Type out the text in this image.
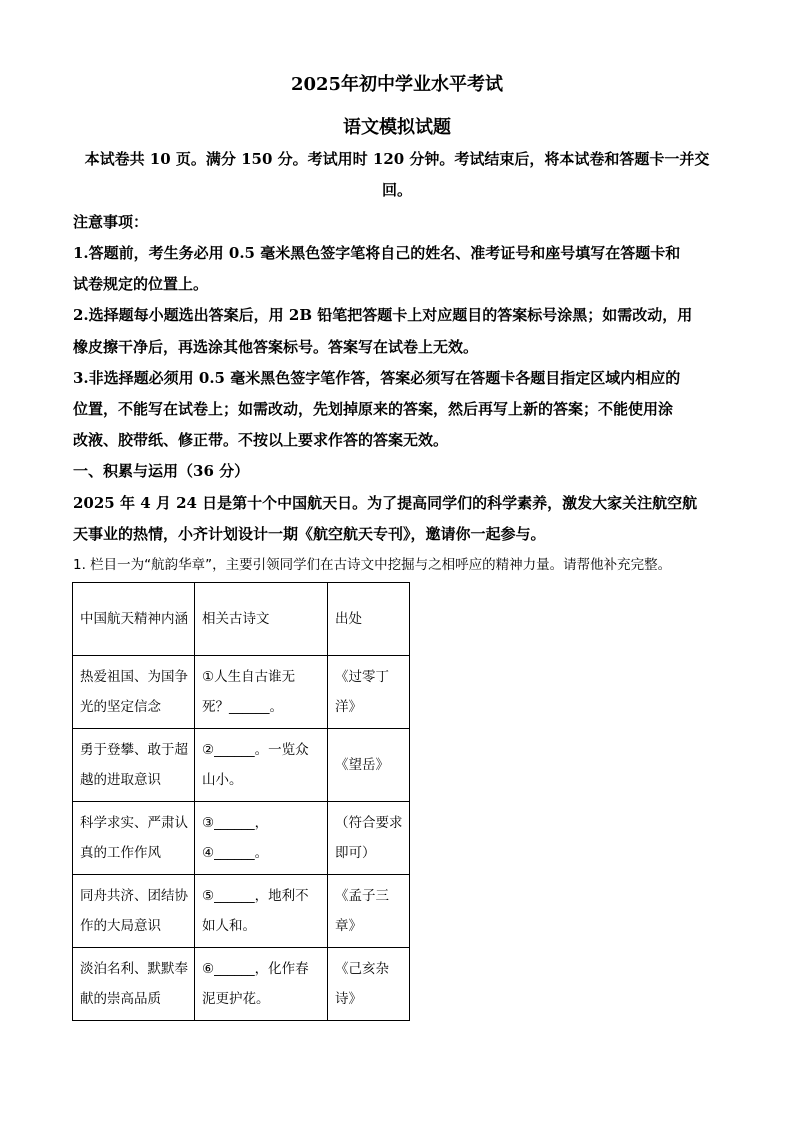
2025年初中学业水平考试
语文模拟试题

本试卷共 10 页。满分 150 分。考试用时 120 分钟。考试结束后，将本试卷和答题卡一并交

回。

注意事项：

1.答题前，考生务必用 0.5 毫米黑色签字笔将自己的姓名、准考证号和座号填写在答题卡和

试卷规定的位置上。

2.选择题每小题选出答案后，用 2B 铅笔把答题卡上对应题目的答案标号涂黑；如需改动，用

橡皮擦干净后，再选涂其他答案标号。答案写在试卷上无效。

3.非选择题必须用 0.5 毫米黑色签字笔作答，答案必须写在答题卡各题目指定区域内相应的

位置，不能写在试卷上；如需改动，先划掉原来的答案，然后再写上新的答案；不能使用涂

改液、胶带纸、修正带。不按以上要求作答的答案无效。

一、积累与运用（36 分）

2025 年 4 月 24 日是第十个中国航天日。为了提高同学们的科学素养，激发大家关注航空航

天事业的热情，小齐计划设计一期《航空航天专刊》，邀请你一起参与。

1. 栏目一为“航韵华章”，主要引领同学们在古诗文中挖掘与之相呼应的精神力量。请帮他补充完整。

中国航天精神内涵	相关古诗文	出处
热爱祖国、为国争光的坚定信念	①人生自古谁无死？______。	《过零丁洋》
勇于登攀、敢于超越的进取意识	②______。一览众山小。	《望岳》
科学求实、严肃认真的工作作风	③______，④______。	（符合要求即可）
同舟共济、团结协作的大局意识	⑤______，地利不如人和。	《孟子三章》
淡泊名利、默默奉献的崇高品质	⑥______，化作春泥更护花。	《己亥杂诗》
